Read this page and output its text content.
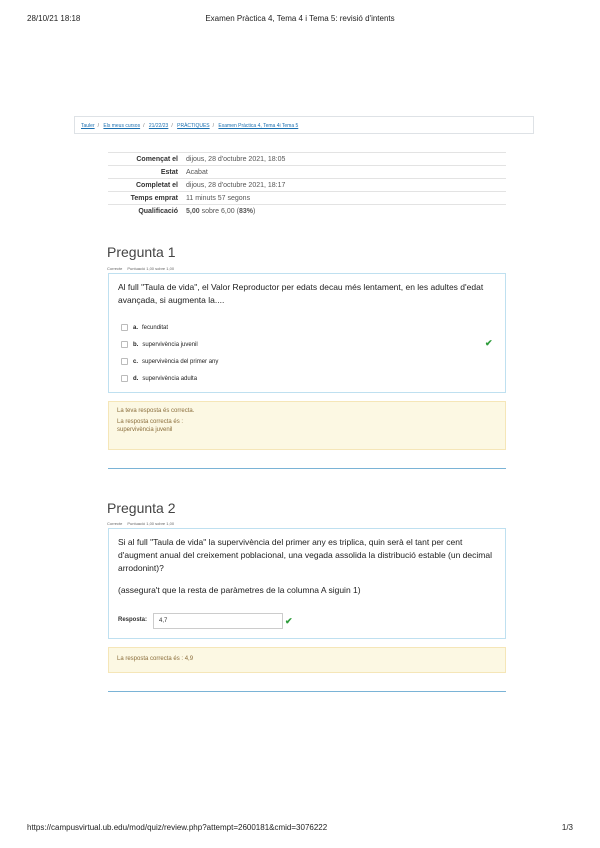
28/10/21 18:18	Examen Pràctica 4, Tema 4 i Tema 5: revisió d'intents
Tauler / Els meus cursos / 21/22/23 / PRÀCTIQUES / Examen Pràctica 4, Tema 4i Tema 5
Començat el	dijous, 28 d'octubre 2021, 18:05
Estat	Acabat
Completat el	dijous, 28 d'octubre 2021, 18:17
Temps emprat	11 minuts 57 segons
Qualificació	5,00 sobre 6,00 (83%)
Pregunta 1
Correcte Puntuació 1,00 sobre 1,00
Al full "Taula de vida", el Valor Reproductor per edats decau més lentament, en les adultes d'edat avançada, si augmenta la....
a. fecunditat
b. supervivència juvenil
c. supervivència del primer any
d. supervivència adulta
✔
La teva resposta és correcta.
La resposta correcta és :
supervivència juvenil
Pregunta 2
Correcte Puntuació 1,00 sobre 1,00
Si al full "Taula de vida" la supervivència del primer any es triplica, quin serà el tant per cent d'augment anual del creixement poblacional, una vegada assolida la distribució estable (un decimal arrodonint)?
(assegura't que la resta de paràmetres de la columna A siguin 1)
Resposta:	4,7	✔
La resposta correcta és : 4,9
https://campusvirtual.ub.edu/mod/quiz/review.php?attempt=2600181&cmid=3076222	1/3
